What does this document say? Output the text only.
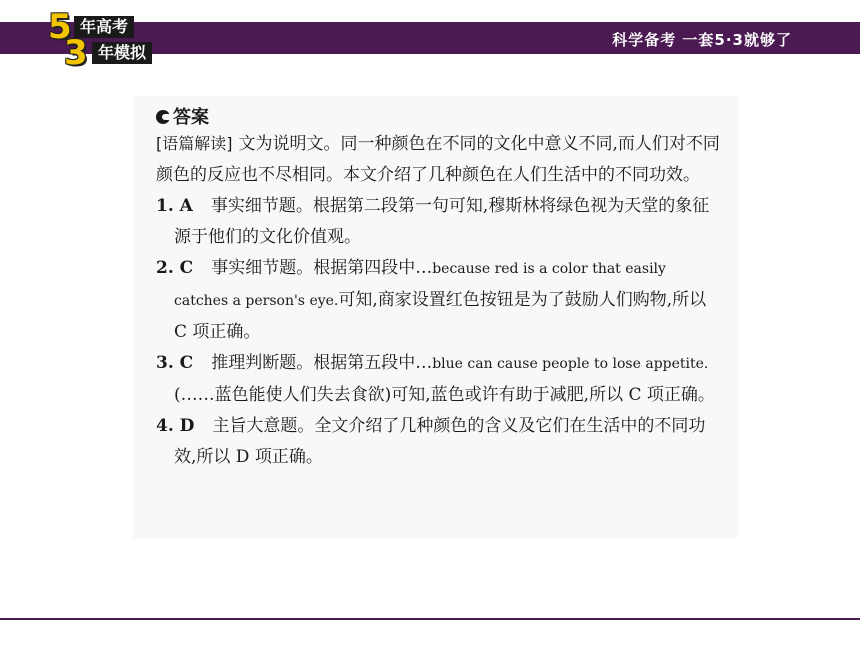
科学备考 一套5·3就够了
5 年高考
3 年模拟
答案

[语篇解读] 文为说明文。同一种颜色在不同的文化中意义不同,而人们对不同颜色的反应也不尽相同。本文介绍了几种颜色在人们生活中的不同功效。

1. A 事实细节题。根据第二段第一句可知,穆斯林将绿色视为天堂的象征源于他们的文化价值观。

2. C 事实细节题。根据第四段中…because red is a color that easily catches a person's eye.可知,商家设置红色按钮是为了鼓励人们购物,所以 C 项正确。

3. C 推理判断题。根据第五段中…blue can cause people to lose appetite.(……蓝色能使人们失去食欲)可知,蓝色或许有助于减肥,所以 C 项正确。

4. D 主旨大意题。全文介绍了几种颜色的含义及它们在生活中的不同功效,所以 D 项正确。
